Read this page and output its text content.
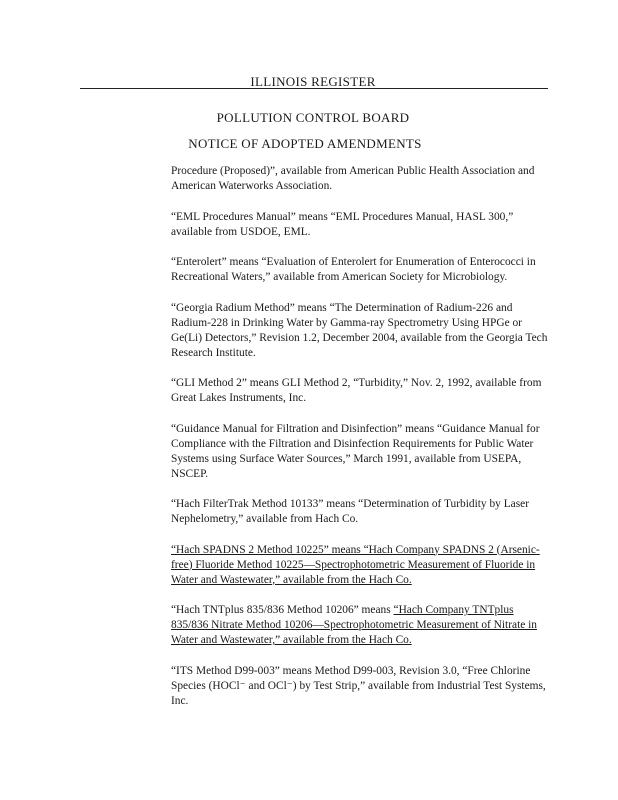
ILLINOIS REGISTER
POLLUTION CONTROL BOARD
NOTICE OF ADOPTED AMENDMENTS

Procedure (Proposed)”, available from American Public Health Association and American Waterworks Association.

“EML Procedures Manual” means “EML Procedures Manual, HASL 300,” available from USDOE, EML.

“Enterolert” means “Evaluation of Enterolert for Enumeration of Enterococci in Recreational Waters,” available from American Society for Microbiology.

“Georgia Radium Method” means “The Determination of Radium-226 and Radium-228 in Drinking Water by Gamma-ray Spectrometry Using HPGe or Ge(Li) Detectors,” Revision 1.2, December 2004, available from the Georgia Tech Research Institute.

“GLI Method 2” means GLI Method 2, “Turbidity,” Nov. 2, 1992, available from Great Lakes Instruments, Inc.

“Guidance Manual for Filtration and Disinfection” means “Guidance Manual for Compliance with the Filtration and Disinfection Requirements for Public Water Systems using Surface Water Sources,” March 1991, available from USEPA, NSCEP.

“Hach FilterTrak Method 10133” means “Determination of Turbidity by Laser Nephelometry,” available from Hach Co.

“Hach SPADNS 2 Method 10225” means “Hach Company SPADNS 2 (Arsenic-free) Fluoride Method 10225—Spectrophotometric Measurement of Fluoride in Water and Wastewater,” available from the Hach Co.

“Hach TNTplus 835/836 Method 10206” means “Hach Company TNTplus 835/836 Nitrate Method 10206—Spectrophotometric Measurement of Nitrate in Water and Wastewater,” available from the Hach Co.

“ITS Method D99-003” means Method D99-003, Revision 3.0, “Free Chlorine Species (HOCl⁻ and OCl⁻) by Test Strip,” available from Industrial Test Systems, Inc.
